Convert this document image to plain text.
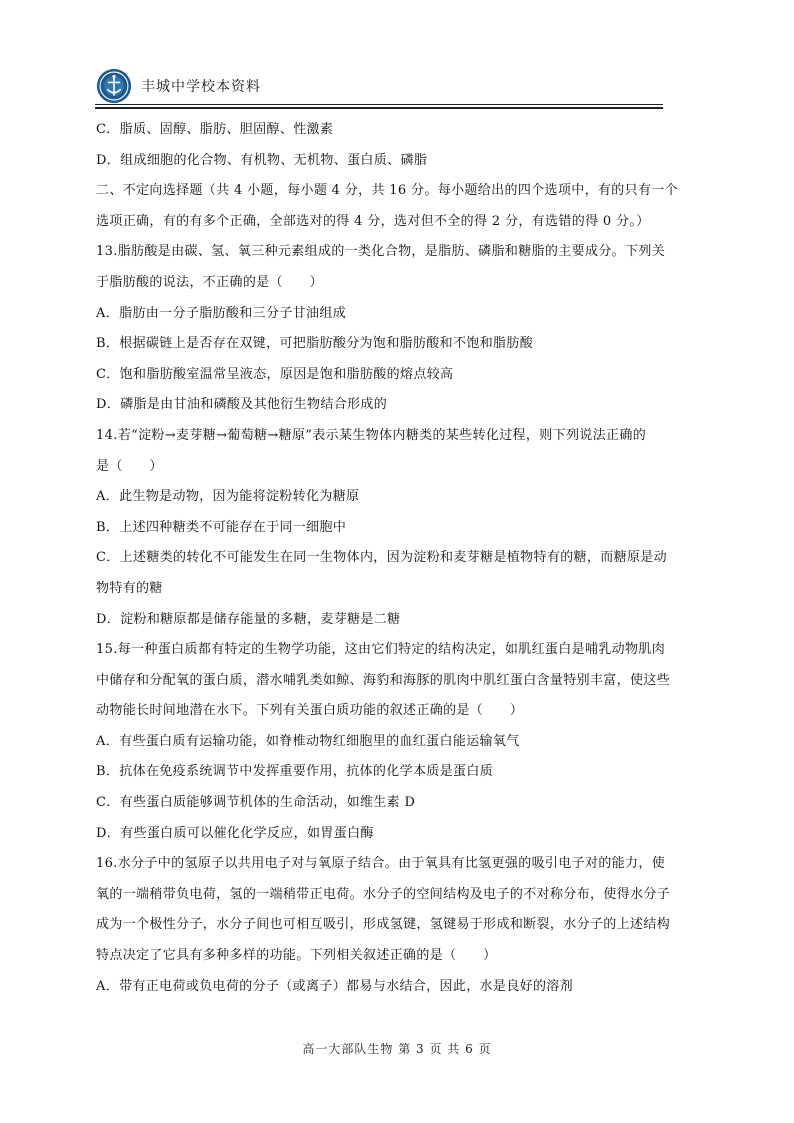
丰城中学校本资料
C．脂质、固醇、脂肪、胆固醇、性激素
D．组成细胞的化合物、有机物、无机物、蛋白质、磷脂
二、不定向选择题（共 4 小题，每小题 4 分，共 16 分。每小题给出的四个选项中，有的只有一个
选项正确，有的有多个正确，全部选对的得 4 分，选对但不全的得 2 分，有选错的得 0 分。）
13.脂肪酸是由碳、氢、氧三种元素组成的一类化合物，是脂肪、磷脂和糖脂的主要成分。下列关
于脂肪酸的说法，不正确的是（　　）
A．脂肪由一分子脂肪酸和三分子甘油组成
B．根据碳链上是否存在双键，可把脂肪酸分为饱和脂肪酸和不饱和脂肪酸
C．饱和脂肪酸室温常呈液态，原因是饱和脂肪酸的熔点较高
D．磷脂是由甘油和磷酸及其他衍生物结合形成的
14.若“淀粉→麦芽糖→葡萄糖→糖原”表示某生物体内糖类的某些转化过程，则下列说法正确的
是（　　）
A．此生物是动物，因为能将淀粉转化为糖原
B．上述四种糖类不可能存在于同一细胞中
C．上述糖类的转化不可能发生在同一生物体内，因为淀粉和麦芽糖是植物特有的糖，而糖原是动
物特有的糖
D．淀粉和糖原都是储存能量的多糖，麦芽糖是二糖
15.每一种蛋白质都有特定的生物学功能，这由它们特定的结构决定，如肌红蛋白是哺乳动物肌肉
中储存和分配氧的蛋白质，潜水哺乳类如鲸、海豹和海豚的肌肉中肌红蛋白含量特别丰富，使这些
动物能长时间地潜在水下。下列有关蛋白质功能的叙述正确的是（　　）
A．有些蛋白质有运输功能，如脊椎动物红细胞里的血红蛋白能运输氧气
B．抗体在免疫系统调节中发挥重要作用，抗体的化学本质是蛋白质
C．有些蛋白质能够调节机体的生命活动，如维生素 D
D．有些蛋白质可以催化化学反应，如胃蛋白酶
16.水分子中的氢原子以共用电子对与氧原子结合。由于氧具有比氢更强的吸引电子对的能力，使
氧的一端稍带负电荷，氢的一端稍带正电荷。水分子的空间结构及电子的不对称分布，使得水分子
成为一个极性分子，水分子间也可相互吸引，形成氢键，氢键易于形成和断裂，水分子的上述结构
特点决定了它具有多种多样的功能。下列相关叙述正确的是（　　）
A．带有正电荷或负电荷的分子（或离子）都易与水结合，因此，水是良好的溶剂
高一大部队生物 第 3 页 共 6 页
